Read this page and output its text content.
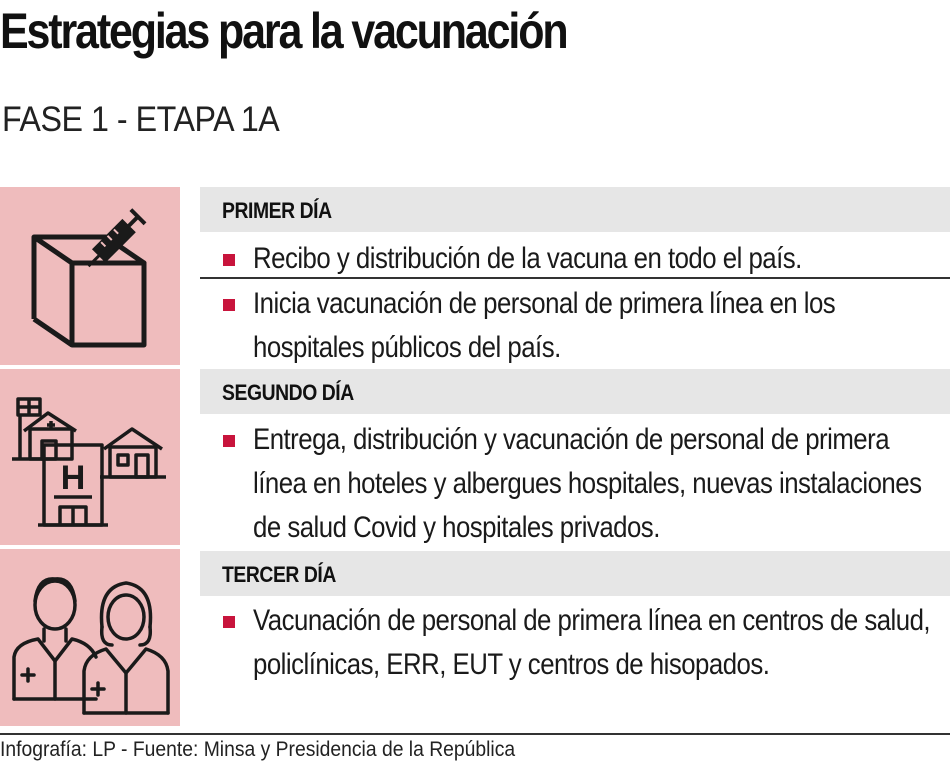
Estrategias para la vacunación
FASE 1 - ETAPA 1A
H
PRIMER DÍA
Recibo y distribución de la vacuna en todo el país.
Inicia vacunación de personal de primera línea en los hospitales públicos del país.
SEGUNDO DÍA
Entrega, distribución y vacunación de personal de primera línea en hoteles y albergues hospitales, nuevas instalaciones de salud Covid y hospitales privados.
TERCER DÍA
Vacunación de personal de primera línea en centros de salud, policlínicas, ERR, EUT y centros de hisopados.
Infografía: LP - Fuente: Minsa y Presidencia de la República
